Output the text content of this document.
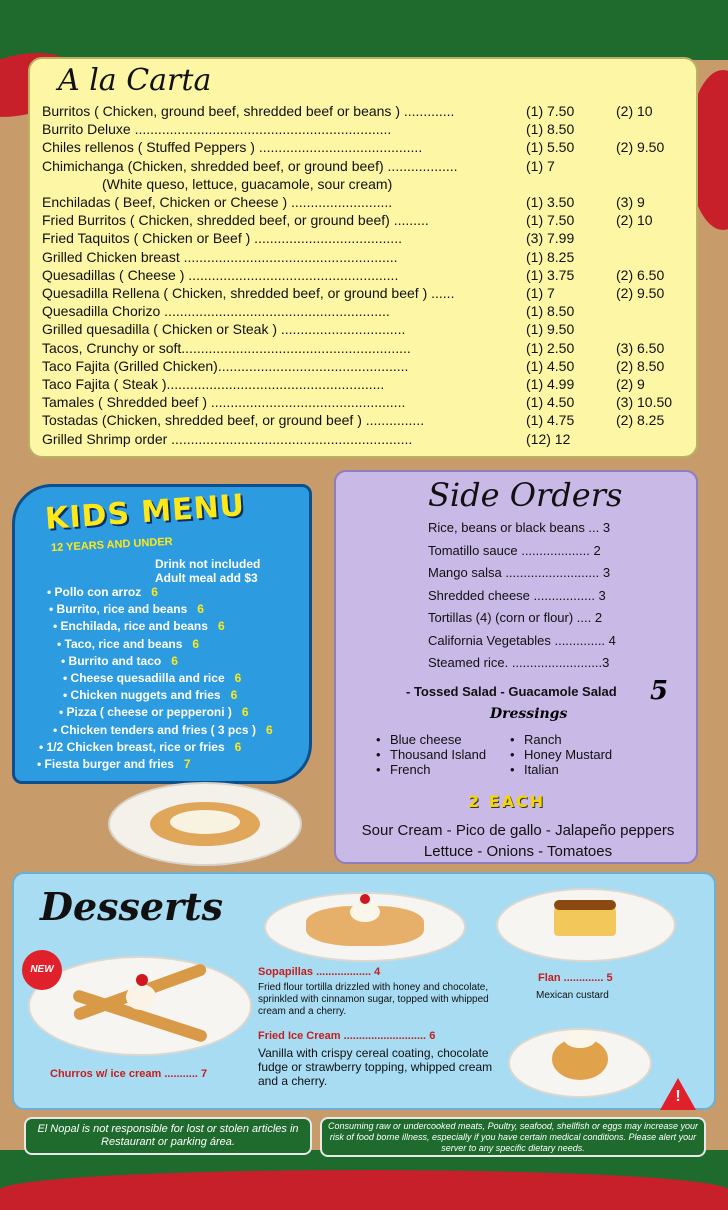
A la Carta
Burritos ( Chicken, ground beef, shredded beef or beans ) .............	(1) 7.50	(2) 10
Burrito Deluxe ..................................................................	(1) 8.50
Chiles rellenos ( Stuffed Peppers ) ..........................................	(1) 5.50	(2) 9.50
Chimichanga (Chicken, shredded beef, or ground beef) ..................	(1) 7
(White queso, lettuce, guacamole, sour cream)
Enchiladas ( Beef, Chicken or Cheese ) ..........................	(1) 3.50	(3) 9
Fried Burritos ( Chicken, shredded beef, or ground beef) .........	(1) 7.50	(2) 10
Fried Taquitos ( Chicken or Beef ) ......................................	(3) 7.99
Grilled Chicken breast .......................................................	(1) 8.25
Quesadillas ( Cheese ) ......................................................	(1) 3.75	(2) 6.50
Quesadilla Rellena ( Chicken, shredded beef, or ground beef ) ......	(1) 7	(2) 9.50
Quesadilla Chorizo ..........................................................	(1) 8.50
Grilled quesadilla ( Chicken or Steak ) ................................	(1) 9.50
Tacos, Crunchy or soft...........................................................	(1) 2.50	(3) 6.50
Taco Fajita (Grilled Chicken).................................................	(1) 4.50	(2) 8.50
Taco Fajita ( Steak )........................................................	(1) 4.99	(2) 9
Tamales ( Shredded beef ) ..................................................	(1) 4.50	(3) 10.50
Tostadas (Chicken, shredded beef, or ground beef ) ...............	(1) 4.75	(2) 8.25
Grilled Shrimp order ..............................................................	(12) 12
KIDS MENU
12 YEARS AND UNDER
Drink not included
Adult meal add $3
• Pollo con arroz 6
• Burrito, rice and beans 6
• Enchilada, rice and beans 6
• Taco, rice and beans 6
• Burrito and taco 6
• Cheese quesadilla and rice 6
• Chicken nuggets and fries 6
• Pizza ( cheese or pepperoni ) 6
• Chicken tenders and fries ( 3 pcs ) 6
• 1/2 Chicken breast, rice or fries 6
• Fiesta burger and fries 7
Side Orders
Rice, beans or black beans ... 3
Tomatillo sauce ................... 2
Mango salsa .......................... 3
Shredded cheese ................. 3
Tortillas (4) (corn or flour) .... 2
California Vegetables .............. 4
Steamed rice. .........................3
- Tossed Salad - Guacamole Salad 5
Dressings
Blue cheese
•
Thousand Island
•
French
•
Ranch
•
Honey Mustard
•
Italian
•
2 EACH
Sour Cream - Pico de gallo - Jalapeño peppers
Lettuce - Onions - Tomatoes
Desserts
Churros w/ ice cream ........... 7
Sopapillas .................. 4
Fried flour tortilla drizzled with honey and chocolate, sprinkled with cinnamon sugar, topped with whipped cream and a cherry.
Flan ............. 5
Mexican custard
Fried Ice Cream ........................... 6
Vanilla with crispy cereal coating, chocolate fudge or strawberry topping, whipped cream and a cherry.
NEW
!
El Nopal is not responsible for lost or stolen articles in Restaurant or parking área.
Consuming raw or undercooked meats, Poultry, seafood, shellfish or eggs may increase your risk of food borne illness, especially if you have certain medical conditions. Please alert your server to any specific dietary needs.
